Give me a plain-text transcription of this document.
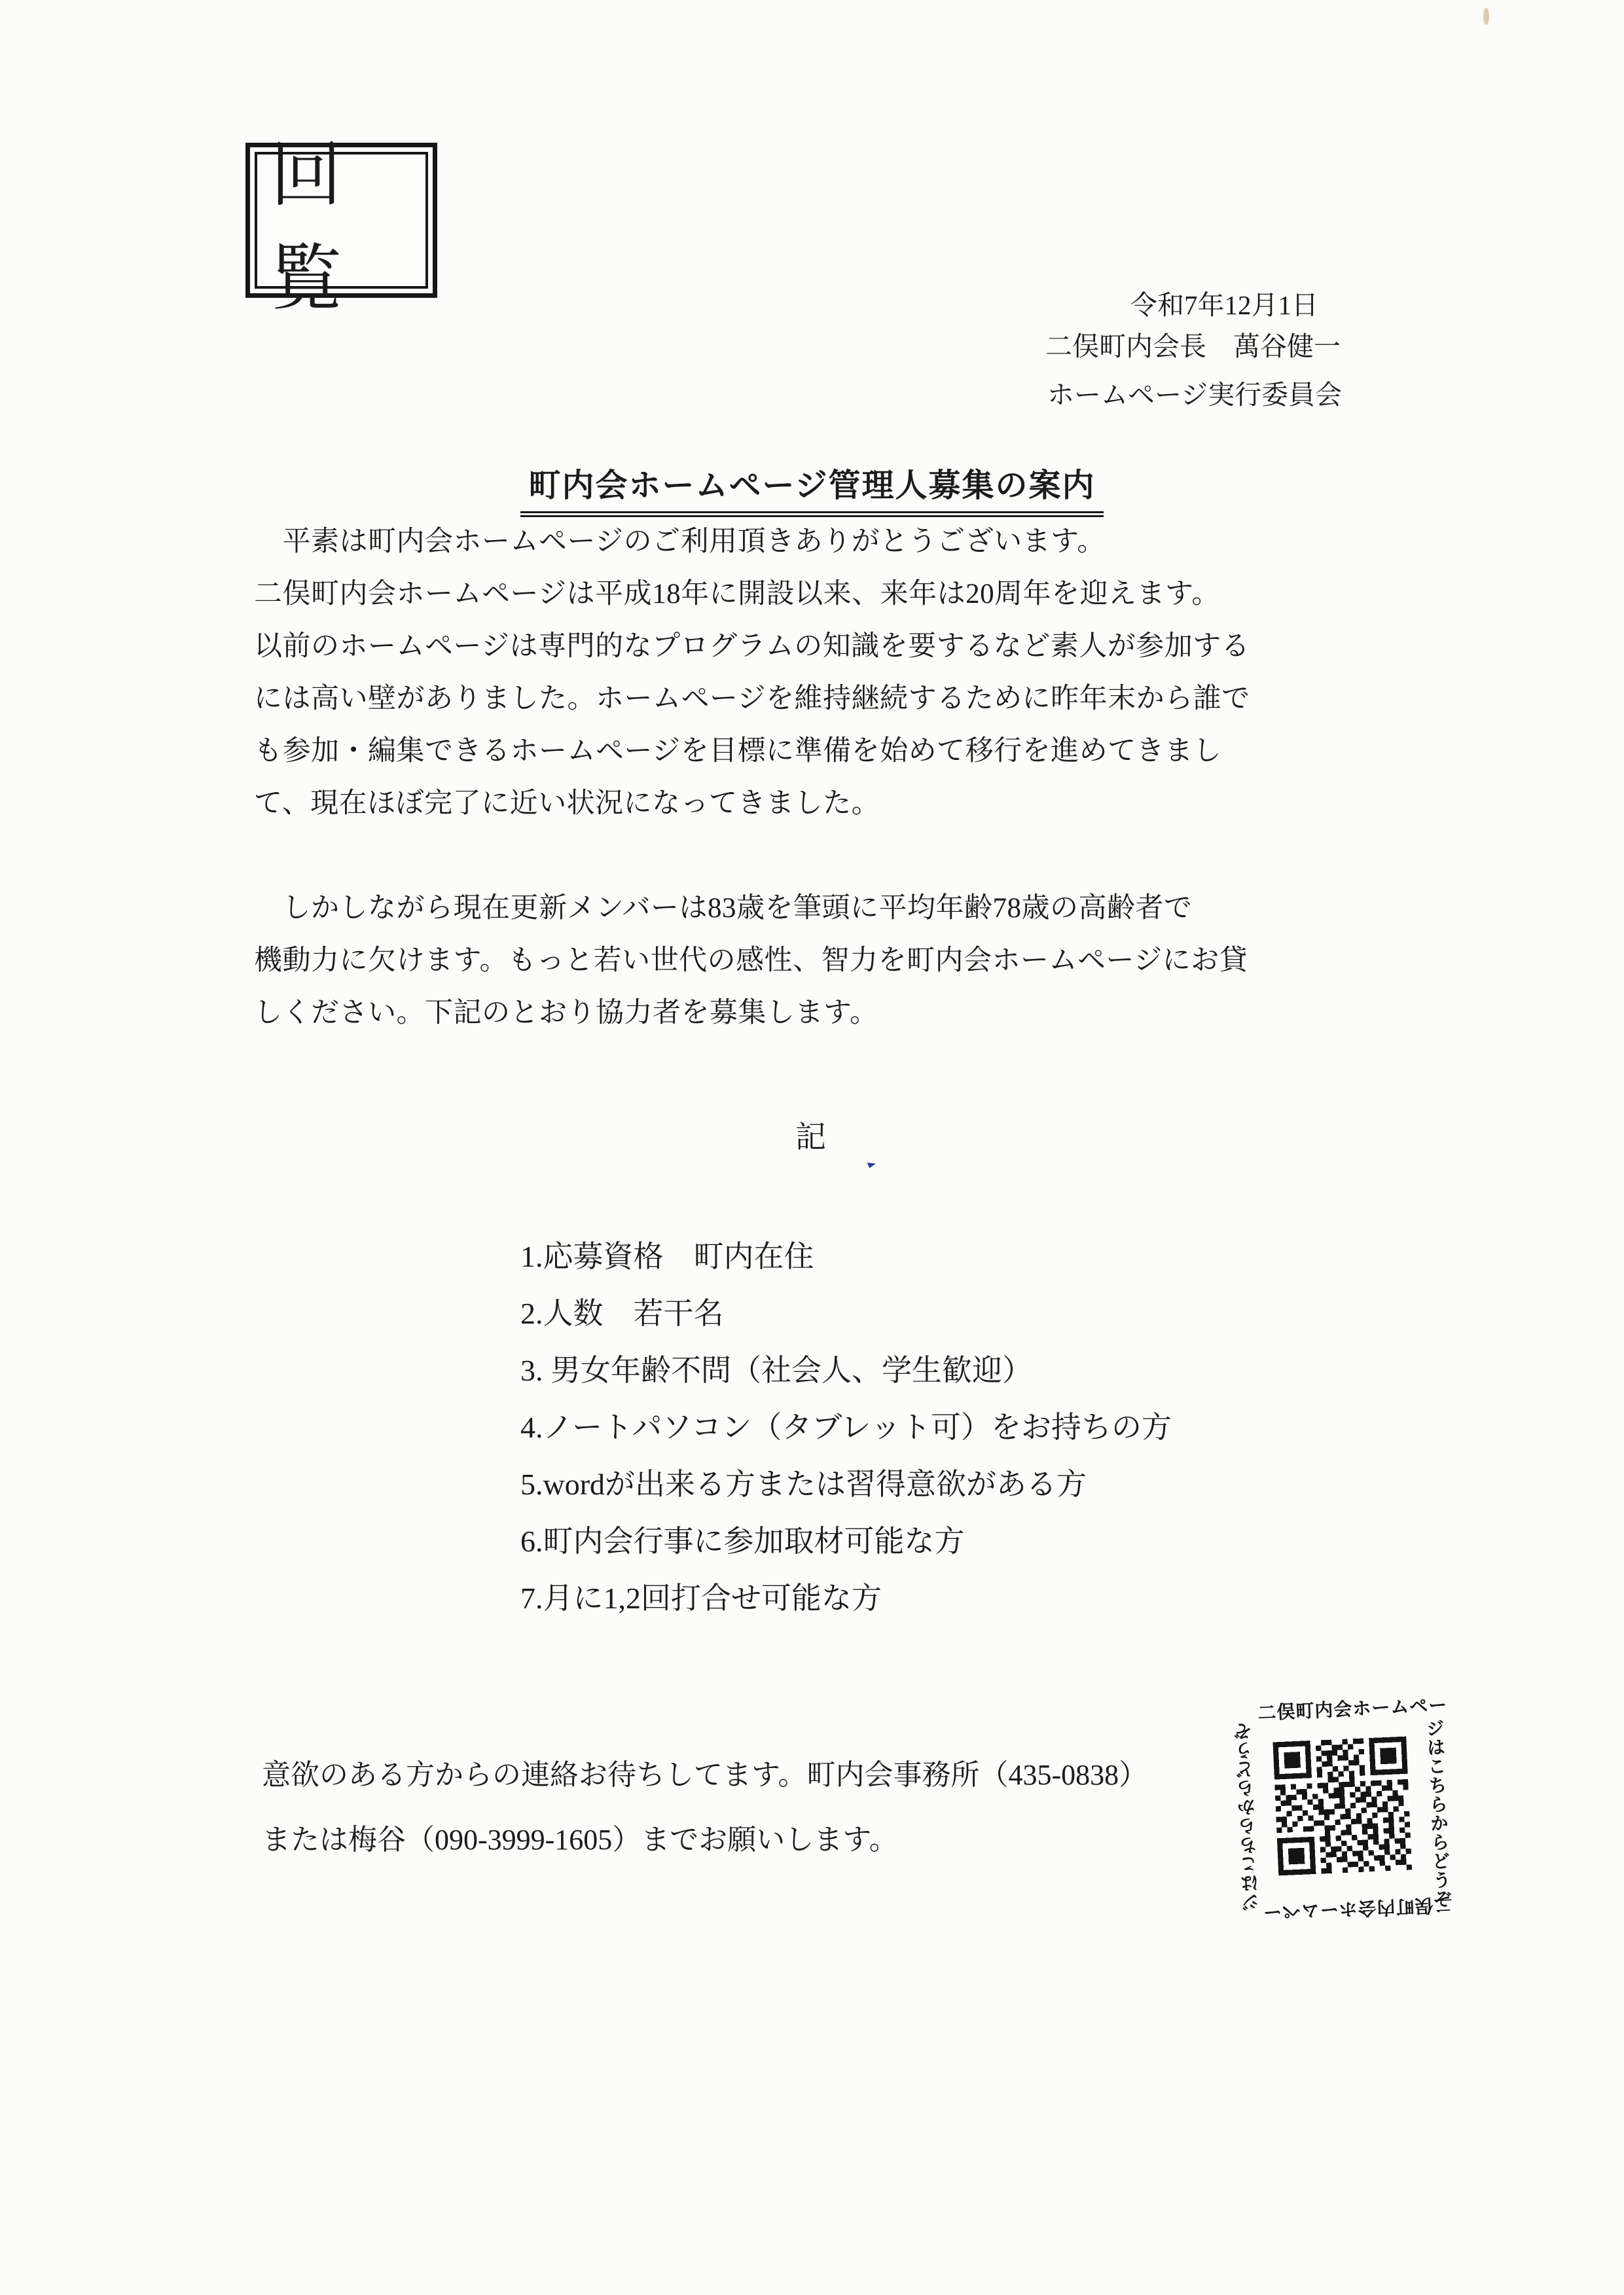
回覧	令和7年12月1日
二俣町内会長　萬谷健一
ホームページ実行委員会
町内会ホームページ管理人募集の案内
　平素は町内会ホームページのご利用頂きありがとうございます。
二俣町内会ホームページは平成18年に開設以来、来年は20周年を迎えます。
以前のホームページは専門的なプログラムの知識を要するなど素人が参加する
には高い壁がありました。ホームページを維持継続するために昨年末から誰で
も参加・編集できるホームページを目標に準備を始めて移行を進めてきまし
て、現在ほぼ完了に近い状況になってきました。
　しかしながら現在更新メンバーは83歳を筆頭に平均年齢78歳の高齢者で
機動力に欠けます。もっと若い世代の感性、智力を町内会ホームページにお貸
しください。下記のとおり協力者を募集します。
記
1.応募資格　町内在住
2.人数　若干名
3. 男女年齢不問（社会人、学生歓迎）
4.ノートパソコン（タブレット可）をお持ちの方
5.wordが出来る方または習得意欲がある方
6.町内会行事に参加取材可能な方
7.月に1,2回打合せ可能な方
意欲のある方からの連絡お待ちしてます。町内会事務所（435-0838）
または梅谷（090-3999-1605）までお願いします。
二俣町内会ホームペー
ジはこちらからどうぞ
二俣町内会ホームペー
ジはこちらからどうぞ
